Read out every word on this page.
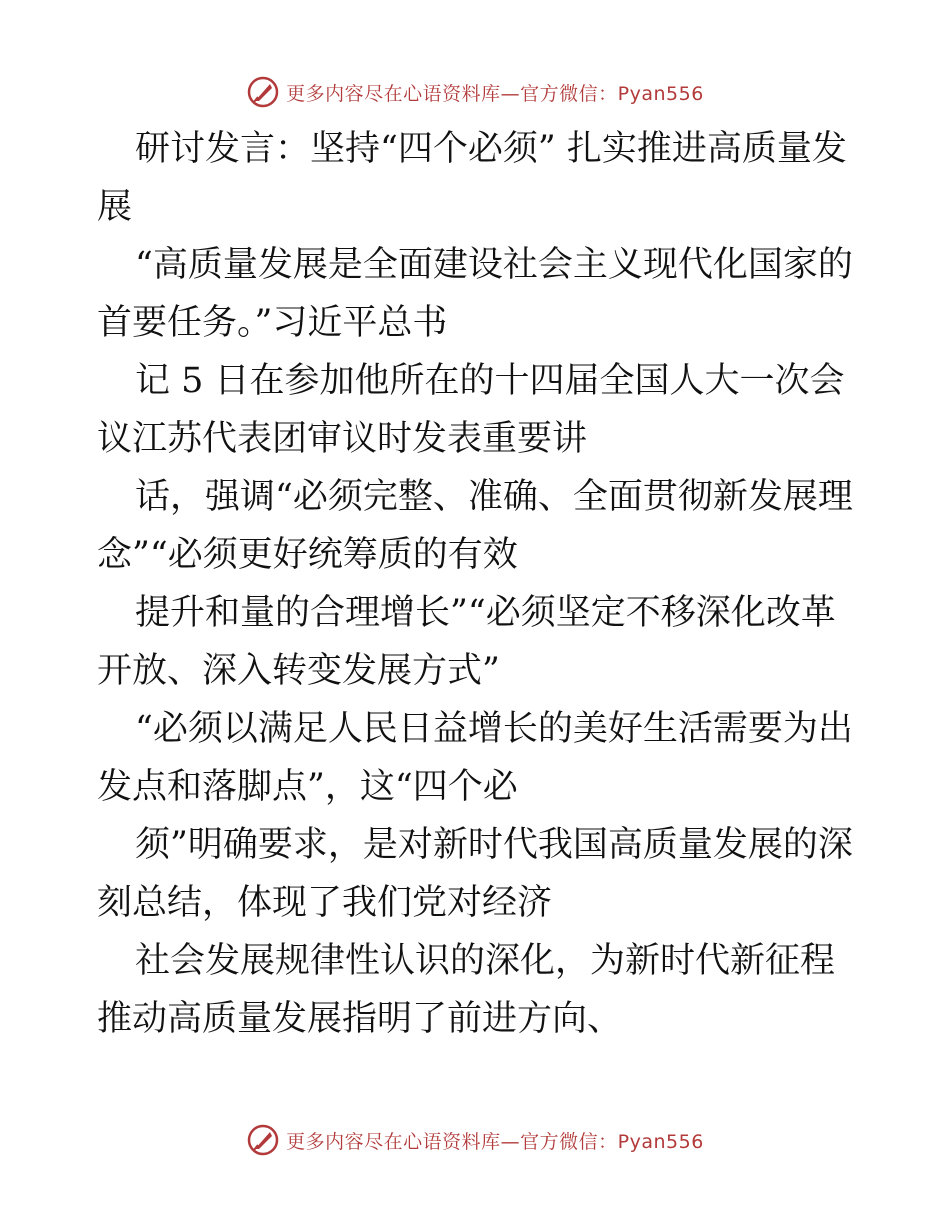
更多内容尽在心语资料库—官方微信：Pyan556

研讨发言：坚持“四个必须” 扎实推进高质量发展

“高质量发展是全面建设社会主义现代化国家的首要任务。”习近平总书

记 5 日在参加他所在的十四届全国人大一次会议江苏代表团审议时发表重要讲

话，强调“必须完整、准确、全面贯彻新发展理念”“必须更好统筹质的有效

提升和量的合理增长”“必须坚定不移深化改革开放、深入转变发展方式”

“必须以满足人民日益增长的美好生活需要为出发点和落脚点”，这“四个必

须”明确要求，是对新时代我国高质量发展的深刻总结，体现了我们党对经济

社会发展规律性认识的深化，为新时代新征程推动高质量发展指明了前进方向、

更多内容尽在心语资料库—官方微信：Pyan556
